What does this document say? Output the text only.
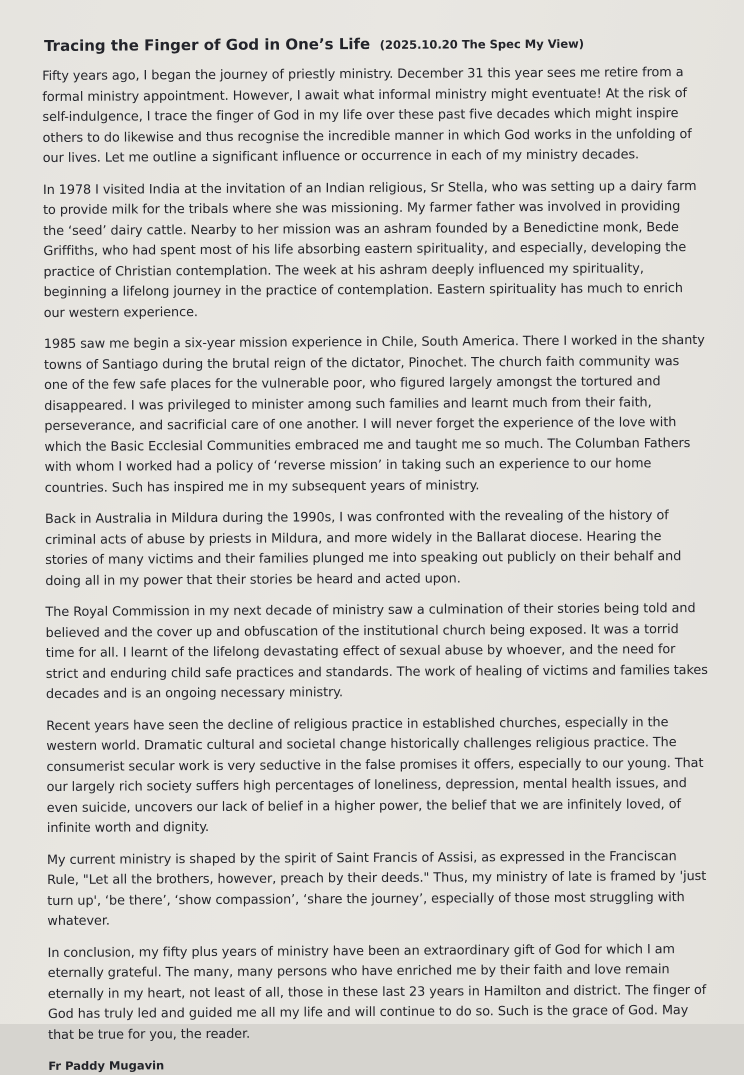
Tracing the Finger of God in One’s Life (2025.10.20 The Spec My View)

Fifty years ago, I began the journey of priestly ministry. December 31 this year sees me retire from a formal ministry appointment. However, I await what informal ministry might eventuate! At the risk of self-indulgence, I trace the finger of God in my life over these past five decades which might inspire others to do likewise and thus recognise the incredible manner in which God works in the unfolding of our lives. Let me outline a significant influence or occurrence in each of my ministry decades.

In 1978 I visited India at the invitation of an Indian religious, Sr Stella, who was setting up a dairy farm to provide milk for the tribals where she was missioning. My farmer father was involved in providing the ‘seed’ dairy cattle. Nearby to her mission was an ashram founded by a Benedictine monk, Bede Griffiths, who had spent most of his life absorbing eastern spirituality, and especially, developing the practice of Christian contemplation. The week at his ashram deeply influenced my spirituality, beginning a lifelong journey in the practice of contemplation. Eastern spirituality has much to enrich our western experience.

1985 saw me begin a six-year mission experience in Chile, South America. There I worked in the shanty towns of Santiago during the brutal reign of the dictator, Pinochet. The church faith community was one of the few safe places for the vulnerable poor, who figured largely amongst the tortured and disappeared. I was privileged to minister among such families and learnt much from their faith, perseverance, and sacrificial care of one another. I will never forget the experience of the love with which the Basic Ecclesial Communities embraced me and taught me so much. The Columban Fathers with whom I worked had a policy of ‘reverse mission’ in taking such an experience to our home countries. Such has inspired me in my subsequent years of ministry.

Back in Australia in Mildura during the 1990s, I was confronted with the revealing of the history of criminal acts of abuse by priests in Mildura, and more widely in the Ballarat diocese. Hearing the stories of many victims and their families plunged me into speaking out publicly on their behalf and doing all in my power that their stories be heard and acted upon.

The Royal Commission in my next decade of ministry saw a culmination of their stories being told and believed and the cover up and obfuscation of the institutional church being exposed. It was a torrid time for all. I learnt of the lifelong devastating effect of sexual abuse by whoever, and the need for strict and enduring child safe practices and standards. The work of healing of victims and families takes decades and is an ongoing necessary ministry.

Recent years have seen the decline of religious practice in established churches, especially in the western world. Dramatic cultural and societal change historically challenges religious practice. The consumerist secular work is very seductive in the false promises it offers, especially to our young. That our largely rich society suffers high percentages of loneliness, depression, mental health issues, and even suicide, uncovers our lack of belief in a higher power, the belief that we are infinitely loved, of infinite worth and dignity.

My current ministry is shaped by the spirit of Saint Francis of Assisi, as expressed in the Franciscan Rule, "Let all the brothers, however, preach by their deeds." Thus, my ministry of late is framed by 'just turn up', ‘be there’, ‘show compassion’, ‘share the journey’, especially of those most struggling with whatever.

In conclusion, my fifty plus years of ministry have been an extraordinary gift of God for which I am eternally grateful. The many, many persons who have enriched me by their faith and love remain eternally in my heart, not least of all, those in these last 23 years in Hamilton and district. The finger of God has truly led and guided me all my life and will continue to do so. Such is the grace of God. May that be true for you, the reader.

Fr Paddy Mugavin
